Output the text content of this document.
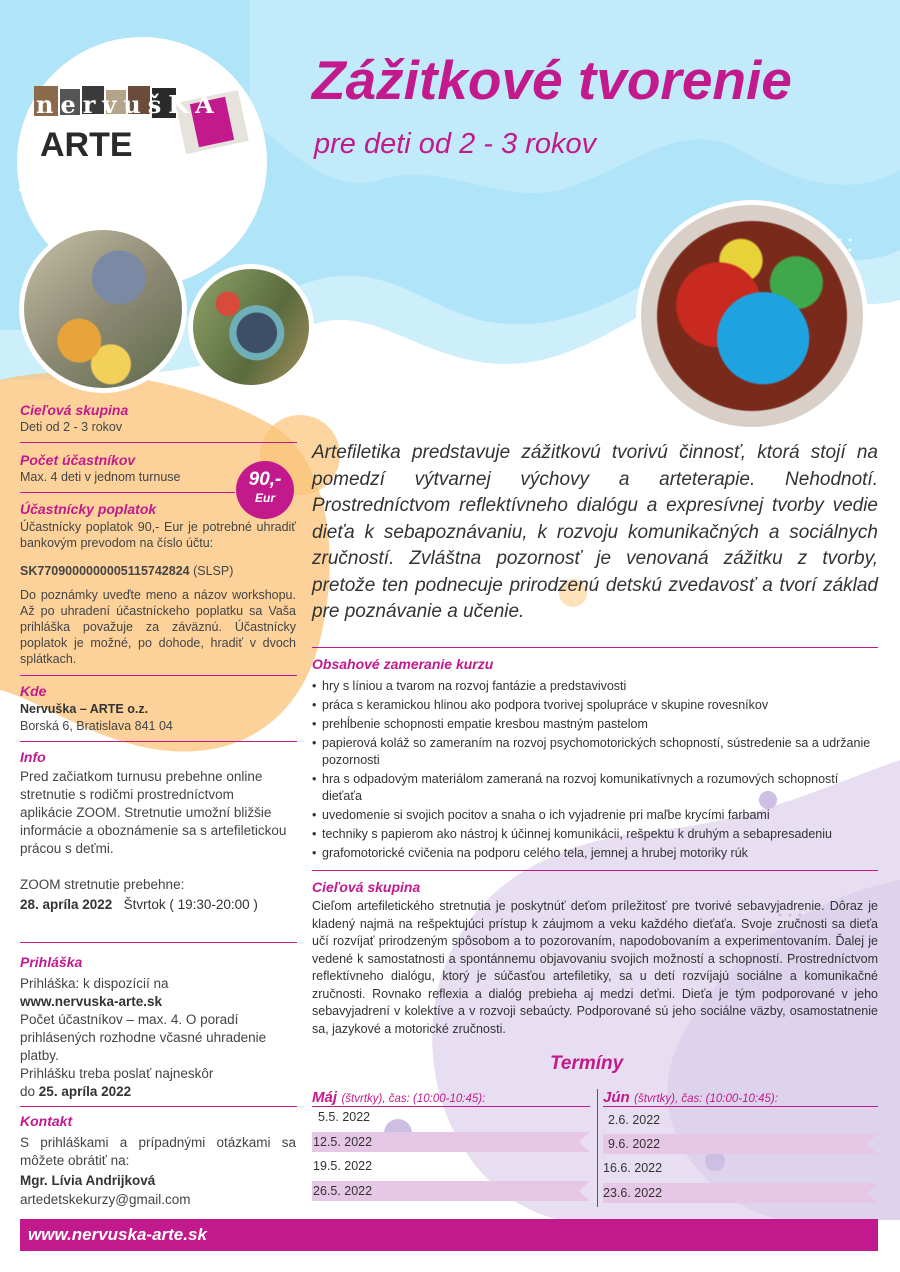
nervušKA
ARTE
Zážitkové tvorenie
pre deti od 2 - 3 rokov
90,-
Eur
Cieľová skupina
Deti od 2 - 3 rokov
Počet účastníkov
Max. 4 deti v jednom turnuse
Účastnícky poplatok
Účastnícky poplatok 90,- Eur je potrebné uhradiť bankovým prevodom na číslo účtu:
SK7709000000005115742824 (SLSP)
Do poznámky uveďte meno a názov workshopu. Až po uhradení účastníckeho poplatku sa Vaša prihláška považuje za záväznú. Účastnícky poplatok je možné, po dohode, hradiť v dvoch splátkach.
Kde
Nervuška – ARTE o.z.
Borská 6, Bratislava 841 04
Info
Pred začiatkom turnusu prebehne online stretnutie s rodičmi prostredníctvom aplikácie ZOOM. Stretnutie umožní bližšie informácie a oboznámenie sa s artefiletickou prácou s deťmi.
ZOOM stretnutie prebehne:
28. apríla 2022 Štvrtok ( 19:30-20:00 )
Prihláška
Prihláška: k dispozícií na
www.nervuska-arte.sk
Počet účastníkov – max. 4. O poradí prihlásených rozhodne včasné uhradenie platby.
Prihlášku treba poslať najneskôr
do 25. apríla 2022
Kontakt
S prihláškami a prípadnými otázkami sa môžete obrátiť na:
Mgr. Lívia Andrijková
artedetskekurzy@gmail.com
Artefiletika predstavuje zážitkovú tvorivú činnosť, ktorá stojí na pomedzí výtvarnej výchovy a arteterapie. Nehodnotí. Prostredníctvom reflektívneho dialógu a expresívnej tvorby vedie dieťa k sebapoznávaniu, k rozvoju komunikačných a sociálnych zručností. Zvláštna pozornosť je venovaná zážitku z tvorby, pretože ten podnecuje prirodzenú detskú zvedavosť a tvorí základ pre poznávanie a učenie.
Obsahové zameranie kurzu
• hry s líniou a tvarom na rozvoj fantázie a predstavivosti
• práca s keramickou hlinou ako podpora tvorivej spolupráce v skupine rovesníkov
• prehĺbenie schopnosti empatie kresbou mastným pastelom
• papierová koláž so zameraním na rozvoj psychomotorických schopností, sústredenie sa a udržanie pozornosti
• hra s odpadovým materiálom zameraná na rozvoj komunikatívnych a rozumových schopností dieťaťa
• uvedomenie si svojich pocitov a snaha o ich vyjadrenie pri maľbe krycími farbami
• techniky s papierom ako nástroj k účinnej komunikácii, rešpektu k druhým a sebapresadeniu
• grafomotorické cvičenia na podporu celého tela, jemnej a hrubej motoriky rúk
Cieľová skupina
Cieľom artefiletického stretnutia je poskytnúť deťom príležitosť pre tvorivé sebavyjadrenie. Dôraz je kladený najmä na rešpektujúci prístup k záujmom a veku každého dieťaťa. Svoje zručnosti sa dieťa učí rozvíjať prirodzeným spôsobom a to pozorovaním, napodobovaním a experimentovaním. Ďalej je vedené k samostatnosti a spontánnemu objavovaniu svojich možností a schopností. Prostredníctvom reflektívneho dialógu, ktorý je súčasťou artefiletiky, sa u detí rozvíjajú sociálne a komunikačné zručnosti. Rovnako reflexia a dialóg prebieha aj medzi deťmi. Dieťa je tým podporované v jeho sebavyjadrení v kolektíve a v rozvoji sebaúcty. Podporované sú jeho sociálne väzby, osamostatnenie sa, jazykové a motorické zručnosti.
Termíny
Máj (štvrtky), čas: (10:00-10:45):
5.5. 2022
12.5. 2022
19.5. 2022
26.5. 2022
Jún (štvrtky), čas: (10:00-10:45):
2.6. 2022
9.6. 2022
16.6. 2022
23.6. 2022
www.nervuska-arte.sk
